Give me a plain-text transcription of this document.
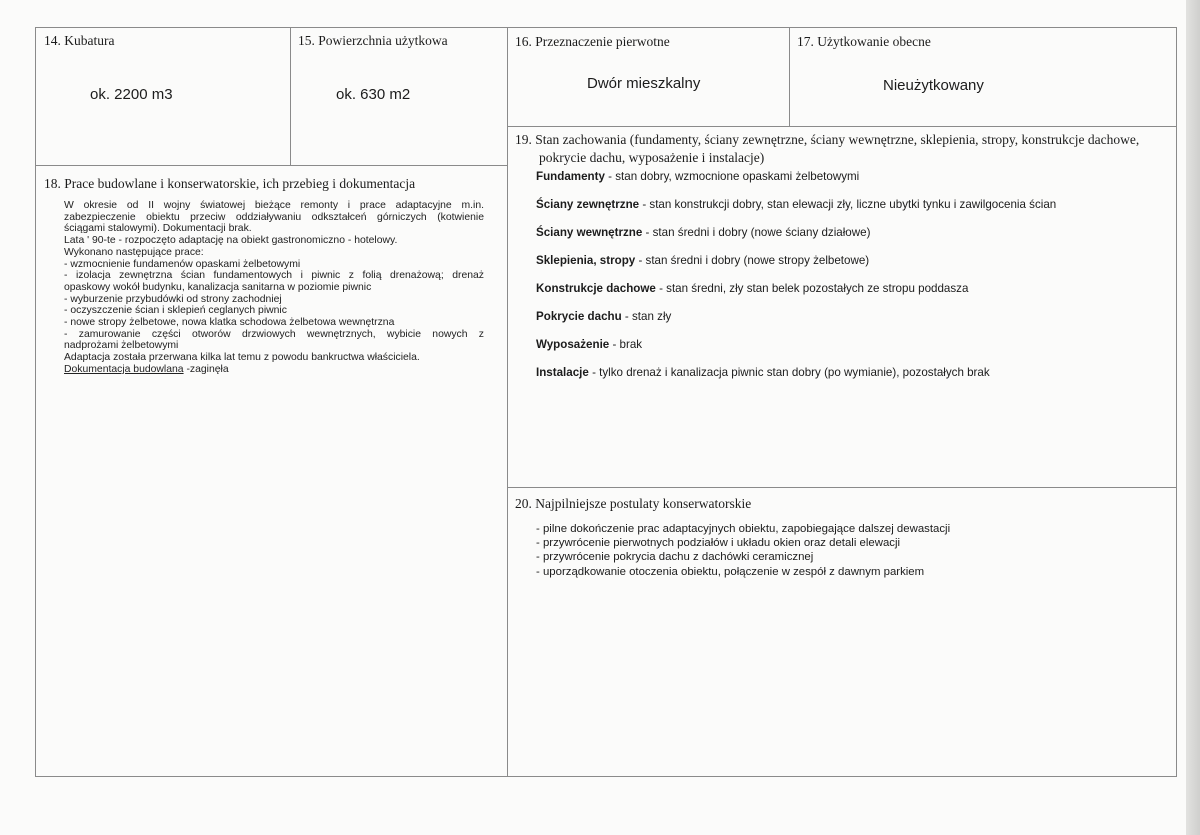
14. Kubatura
ok. 2200 m3
15. Powierzchnia użytkowa
ok. 630 m2
16. Przeznaczenie pierwotne
Dwór mieszkalny
17. Użytkowanie obecne
Nieużytkowany
18. Prace budowlane i konserwatorskie, ich przebieg i dokumentacja
W okresie od II wojny światowej bieżące remonty i prace adaptacyjne m.in.
zabezpieczenie obiektu przeciw oddziaływaniu odkształceń górniczych (kotwienie
ściągami stalowymi). Dokumentacji brak.
Lata ' 90-te - rozpoczęto adaptację na obiekt gastronomiczno - hotelowy.
Wykonano następujące prace:
- wzmocnienie fundamenów opaskami żelbetowymi
- izolacja zewnętrzna ścian fundamentowych i piwnic z folią drenażową; drenaż
opaskowy wokół budynku, kanalizacja sanitarna w poziomie piwnic
- wyburzenie przybudówki od strony zachodniej
- oczyszczenie ścian i sklepień ceglanych piwnic
- nowe stropy żelbetowe, nowa klatka schodowa żelbetowa wewnętrzna
- zamurowanie części otworów drzwiowych wewnętrznych, wybicie nowych z
nadprożami żelbetowymi
Adaptacja została przerwana kilka lat temu z powodu bankructwa właściciela.
Dokumentacja budowlana -zaginęła
19. Stan zachowania (fundamenty, ściany zewnętrzne, ściany wewnętrzne, sklepienia, stropy, konstrukcje dachowe,
pokrycie dachu, wyposażenie i instalacje)
Fundamenty - stan dobry, wzmocnione opaskami żelbetowymi
Ściany zewnętrzne - stan konstrukcji dobry, stan elewacji zły, liczne ubytki tynku i zawilgocenia ścian
Ściany wewnętrzne - stan średni i dobry (nowe ściany działowe)
Sklepienia, stropy - stan średni i dobry (nowe stropy żelbetowe)
Konstrukcje dachowe - stan średni, zły stan belek pozostałych ze stropu poddasza
Pokrycie dachu - stan zły
Wyposażenie - brak
Instalacje - tylko drenaż i kanalizacja piwnic stan dobry (po wymianie), pozostałych brak
20. Najpilniejsze postulaty konserwatorskie
- pilne dokończenie prac adaptacyjnych obiektu, zapobiegające dalszej dewastacji
- przywrócenie pierwotnych podziałów i układu okien oraz detali elewacji
- przywrócenie pokrycia dachu z dachówki ceramicznej
- uporządkowanie otoczenia obiektu, połączenie w zespół z dawnym parkiem
